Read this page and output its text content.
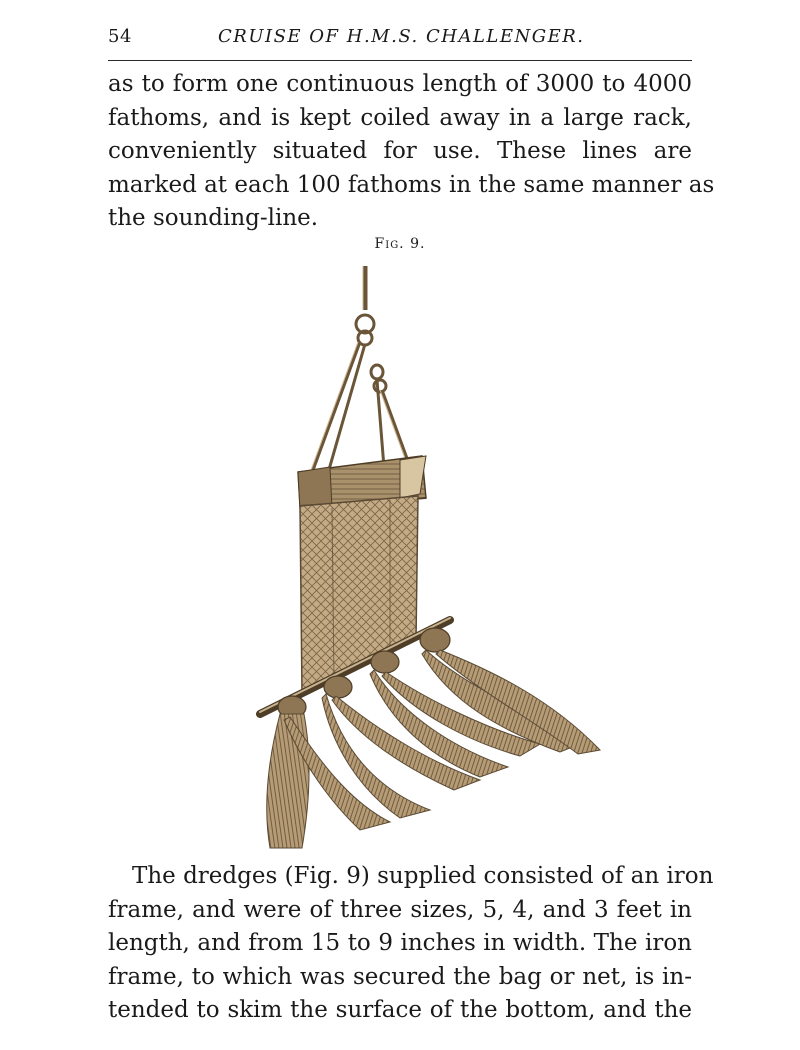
54	CRUISE OF H.M.S. CHALLENGER.
as to form one continuous length of 3000 to 4000
fathoms, and is kept coiled away in a large rack,
conveniently situated for use. These lines are
marked at each 100 fathoms in the same manner as
the sounding-line.
Fig. 9.
The dredges (Fig. 9) supplied consisted of an iron
frame, and were of three sizes, 5, 4, and 3 feet in
length, and from 15 to 9 inches in width. The iron
frame, to which was secured the bag or net, is in-
tended to skim the surface of the bottom, and the
